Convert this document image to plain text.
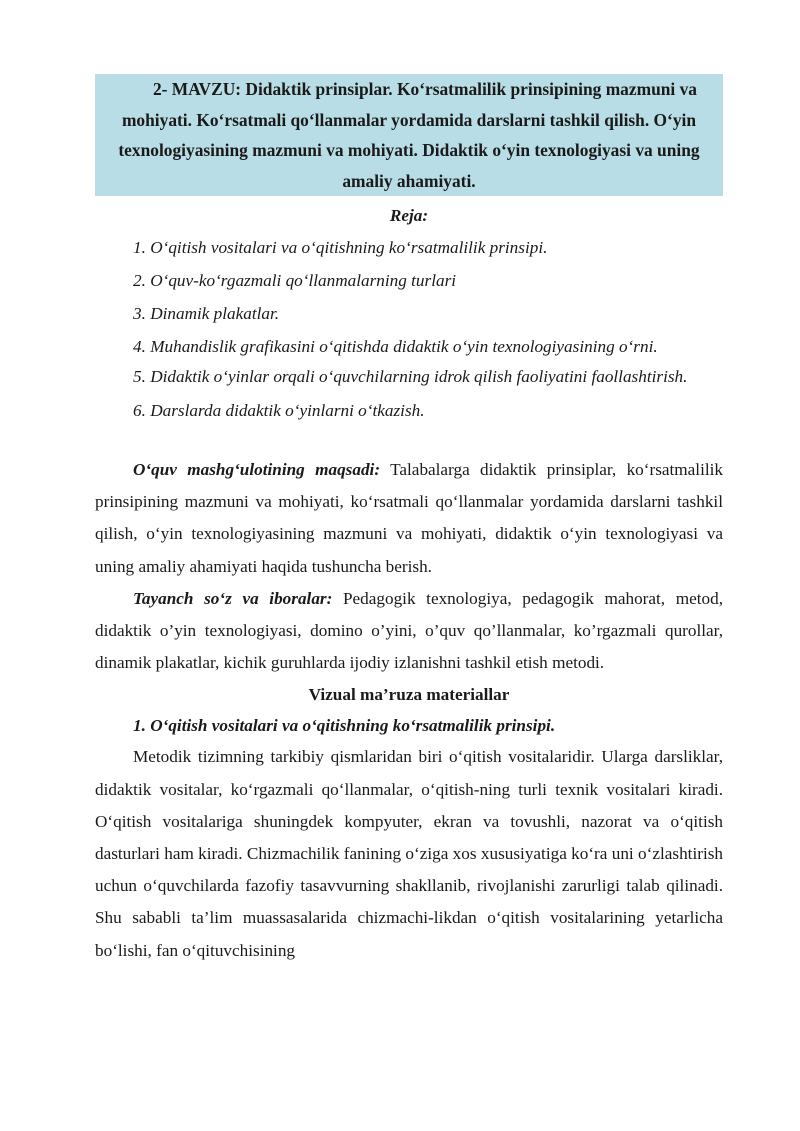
2- MAVZU: Didaktik prinsiplar. Ko‘rsatmalilik prinsipining mazmuni va mohiyati. Ko‘rsatmali qo‘llanmalar yordamida darslarni tashkil qilish. O‘yin texnologiyasining mazmuni va mohiyati. Didaktik o‘yin texnologiyasi va uning amaliy ahamiyati.
Reja:
1. O‘qitish vositalari va o‘qitishning ko‘rsatmalilik prinsipi.
2. O‘quv-ko‘rgazmali qo‘llanmalarning turlari
3. Dinamik plakatlar.
4. Muhandislik grafikasini o‘qitishda didaktik o‘yin texnologiyasining o‘rni.
5. Didaktik o‘yinlar orqali o‘quvchilarning idrok qilish faoliyatini faollashtirish.
6. Darslarda didaktik o‘yinlarni o‘tkazish.

O‘quv mashg‘ulotining maqsadi: Talabalarga didaktik prinsiplar, ko‘rsatmalilik prinsipining mazmuni va mohiyati, ko‘rsatmali qo‘llanmalar yordamida darslarni tashkil qilish, o‘yin texnologiyasining mazmuni va mohiyati, didaktik o‘yin texnologiyasi va uning amaliy ahamiyati haqida tushuncha berish.

Tayanch so‘z va iboralar: Pedagogik texnologiya, pedagogik mahorat, metod, didaktik o’yin texnologiyasi, domino o’yini, o’quv qo’llanmalar, ko’rgazmali qurollar, dinamik plakatlar, kichik guruhlarda ijodiy izlanishni tashkil etish metodi.

Vizual ma’ruza materiallar

1. O‘qitish vositalari va o‘qitishning ko‘rsatmalilik prinsipi.

Metodik tizimning tarkibiy qismlaridan biri o‘qitish vositalaridir. Ularga darsliklar, didaktik vositalar, ko‘rgazmali qo‘llanmalar, o‘qitish-ning turli texnik vositalari kiradi. O‘qitish vositalariga shuningdek kompyuter, ekran va tovushli, nazorat va o‘qitish dasturlari ham kiradi. Chizmachilik fanining o‘ziga xos xususiyatiga ko‘ra uni o‘zlashtirish uchun o‘quvchilarda fazofiy tasavvurning shakllanib, rivojlanishi zarurligi talab qilinadi. Shu sababli ta’lim muassasalarida chizmachi-likdan o‘qitish vositalarining yetarlicha bo‘lishi, fan o‘qituvchisining
